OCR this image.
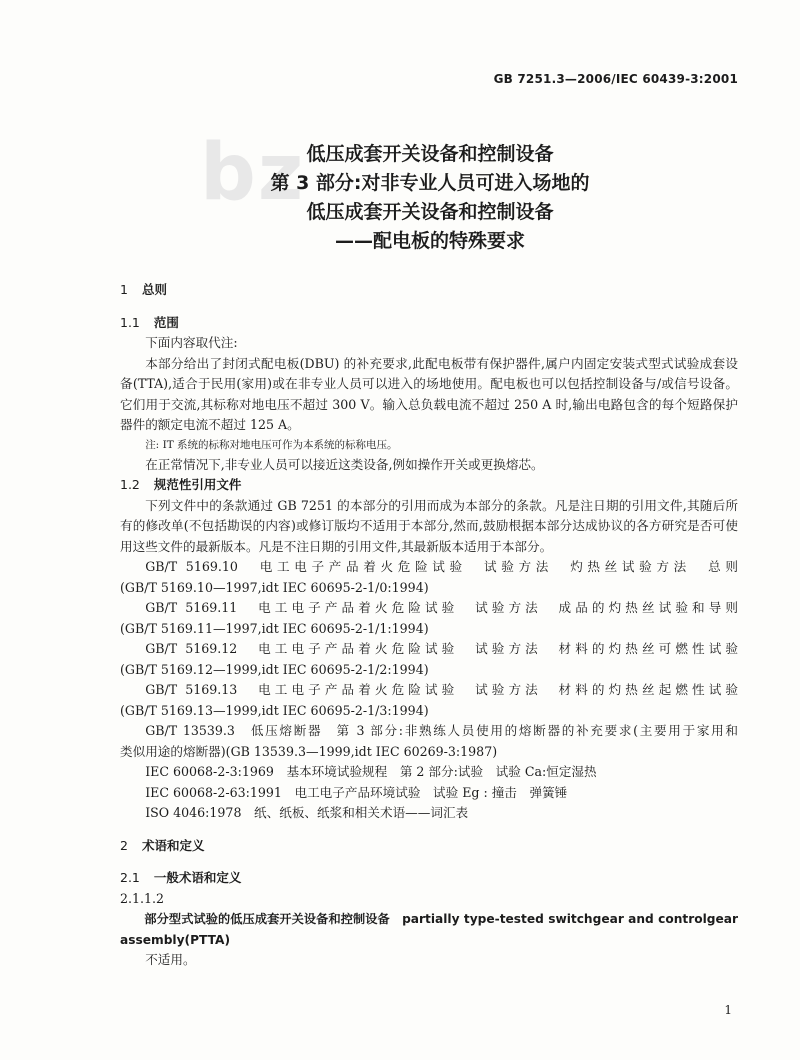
GB 7251.3—2006/IEC 60439-3:2001
bz 低压成套开关设备和控制设备
第 3 部分:对非专业人员可进入场地的
低压成套开关设备和控制设备
——配电板的特殊要求
1 总则
1.1 范围
下面内容取代注:
本部分给出了封闭式配电板(DBU) 的补充要求,此配电板带有保护器件,属户内固定安装式型式试验成套设备(TTA),适合于民用(家用)或在非专业人员可以进入的场地使用。配电板也可以包括控制设备与/或信号设备。它们用于交流,其标称对地电压不超过 300 V。输入总负载电流不超过 250 A 时,输出电路包含的每个短路保护器件的额定电流不超过 125 A。
注: IT 系统的标称对地电压可作为本系统的标称电压。
在正常情况下,非专业人员可以接近这类设备,例如操作开关或更换熔芯。
1.2 规范性引用文件
下列文件中的条款通过 GB 7251 的本部分的引用而成为本部分的条款。凡是注日期的引用文件,其随后所有的修改单(不包括勘误的内容)或修订版均不适用于本部分,然而,鼓励根据本部分达成协议的各方研究是否可使用这些文件的最新版本。凡是不注日期的引用文件,其最新版本适用于本部分。
GB/T 5169.10　电工电子产品着火危险试验　试验方法　灼热丝试验方法　总则
(GB/T 5169.10—1997,idt IEC 60695-2-1/0:1994)
GB/T 5169.11　电工电子产品着火危险试验　试验方法　成品的灼热丝试验和导则
(GB/T 5169.11—1997,idt IEC 60695-2-1/1:1994)
GB/T 5169.12　电工电子产品着火危险试验　试验方法　材料的灼热丝可燃性试验
(GB/T 5169.12—1999,idt IEC 60695-2-1/2:1994)
GB/T 5169.13　电工电子产品着火危险试验　试验方法　材料的灼热丝起燃性试验
(GB/T 5169.13—1999,idt IEC 60695-2-1/3:1994)
GB/T 13539.3　低压熔断器　第 3 部分:非熟练人员使用的熔断器的补充要求(主要用于家用和
类似用途的熔断器)(GB 13539.3—1999,idt IEC 60269-3:1987)
IEC 60068-2-3:1969　基本环境试验规程　第 2 部分:试验　试验 Ca:恒定湿热
IEC 60068-2-63:1991　电工电子产品环境试验　试验 Eg : 撞击　弹簧锤
ISO 4046:1978　纸、纸板、纸浆和相关术语——词汇表
2 术语和定义
2.1 一般术语和定义
2.1.1.2
部分型式试验的低压成套开关设备和控制设备　partially type-tested switchgear and controlgear
assembly(PTTA)
不适用。
1
